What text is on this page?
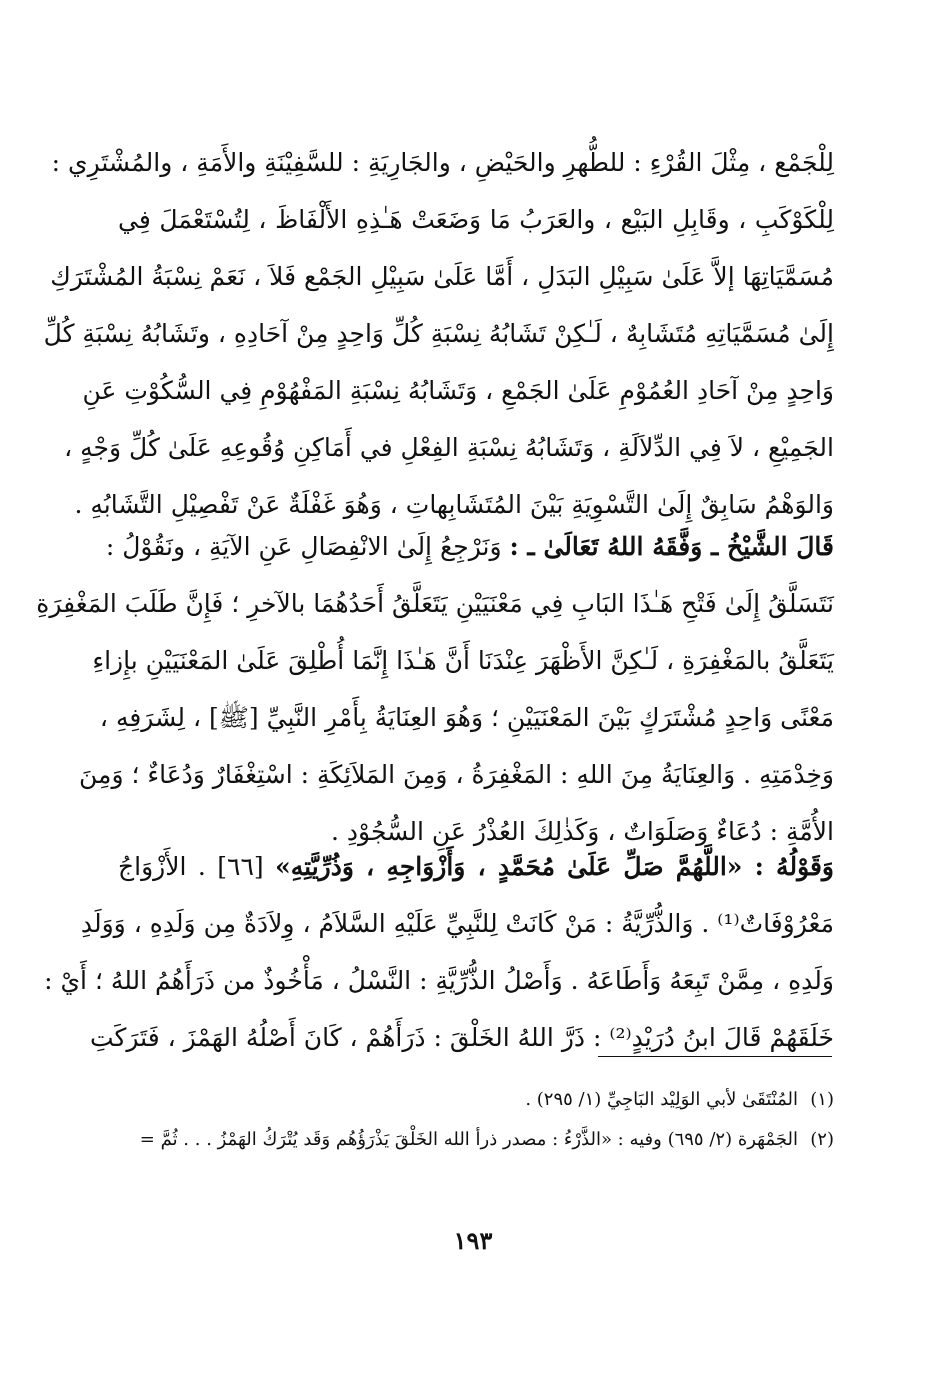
لِلْجَمْع ، مِثْلَ القُرْءِ : للطُّهرِ والحَيْضِ ، والجَارِيَةِ : للسَّفِيْنَةِ والأَمَةِ ، والمُشْتَرِي :
لِلْكَوْكَبِ ، وقَابِلِ البَيْع ، والعَرَبُ مَا وَضَعَتْ هَـٰذِهِ الأَلْفَاظَ ، لِتُسْتَعْمَلَ فِي
مُسَمَّيَاتِهَا إلاَّ عَلَىٰ سَبِيْلِ البَدَلِ ، أَمَّا عَلَىٰ سَبِيْلِ الجَمْع فَلاَ ، نَعَمْ نِسْبَةُ المُشْتَرَكِ
إِلَىٰ مُسَمَّيَاتِهِ مُتَشَابِهٌ ، لَـٰكِنْ تَشَابُهُ نِسْبَةِ كُلِّ وَاحِدٍ مِنْ آحَادِهِ ، وتَشَابُهُ نِسْبَةِ كُلِّ
وَاحِدٍ مِنْ آحَادِ العُمُوْمِ عَلَىٰ الجَمْعِ ، وَتَشَابُهُ نِسْبَةِ المَفْهُوْمِ فِي السُّكُوْتِ عَنِ
الجَمِيْعِ ، لاَ فِي الدِّلاَلَةِ ، وَتَشَابُهُ نِسْبَةِ الفِعْلِ في أَمَاكِنِ وُقُوعِهِ عَلَىٰ كُلِّ وَجْهٍ ،
وَالوَهْمُ سَابِقٌ إِلَىٰ التَّسْوِيَةِ بَيْنَ المُتَشَابِهاتِ ، وَهُوَ غَفْلَةٌ عَنْ تَفْصِيْلِ التَّشَابُهِ .
قَالَ الشَّيْخُ ـ وَفَّقَهُ اللهُ تَعَالَىٰ ـ : وَنَرْجِعُ إِلَىٰ الانْفِصَالِ عَنِ الآيَةِ ، ونَقُوْلُ :
نَتَسَلَّقُ إِلَىٰ فَتْحِ هَـٰذَا البَابِ فِي مَعْنَيَيْنِ يَتَعَلَّقُ أَحَدُهُمَا بالآخرِ ؛ فَإِنَّ طَلَبَ المَغْفِرَةِ
يَتَعَلَّقُ بالمَغْفِرَةِ ، لَـٰكِنَّ الأَظْهَرَ عِنْدَنَا أَنَّ هَـٰذَا إِنَّمَا أُطْلِقَ عَلَىٰ المَعْنَيَيْنِ بإِزاءِ
مَعْنًى وَاحِدٍ مُشْتَرَكٍ بَيْنَ المَعْنَيَيْنِ ؛ وَهُوَ العِنَايَةُ بِأَمْرِ النَّبِيِّ [ﷺ] ، لِشَرَفِهِ ،
وَخِدْمَتِهِ . وَالعِنَايَةُ مِنَ اللهِ : المَغْفِرَةُ ، وَمِنَ المَلاَئِكَةِ : اسْتِغْفَارٌ وَدُعَاءٌ ؛ وَمِنَ
الأُمَّةِ : دُعَاءٌ وَصَلَوَاتٌ ، وَكَذٰلِكَ العُذْرُ عَنِ السُّجُوْدِ .
وَقَوْلُهُ : «اللَّهُمَّ صَلِّ عَلَىٰ مُحَمَّدٍ ، وَأَزْوَاجِهِ ، وَذُرِّيَّتِهِ» [٦٦] . الأَزْوَاجُ
مَعْرُوْفَاتٌ⁽¹⁾ . وَالذُّرِّيَّةُ : مَنْ كَانَتْ لِلنَّبِيِّ عَلَيْهِ السَّلاَمُ ، وِلاَدَةٌ مِن وَلَدِهِ ، وَوَلَدِ
وَلَدِهِ ، مِمَّنْ تَبِعَهُ وَأَطَاعَهُ . وَأَصْلُ الذُّرِّيَّةِ : النَّسْلُ ، مَأْخُوذٌ من ذَرَأَهُمُ اللهُ ؛ أَيْ :
خَلَقَهُمْ قَالَ ابنُ دُرَيْدٍ⁽²⁾ : ذَرَّ اللهُ الخَلْقَ : ذَرَأَهُمْ ، كَانَ أَصْلُهُ الهَمْزَ ، فَتَرَكَتِ
(١)المُنْتَقَىٰ لأبي الوَلِيْد البَاجِيِّ (١/ ٢٩٥) .
(٢)الجَمْهَرة (٢/ ٦٩٥) وفيه : «الذَّرْءُ : مصدر ذرأ الله الخَلْقَ يَذْرَؤُهُم وَقَد يُتْرَكُ الهَمْزُ . . . ثُمَّ =
١٩٣
